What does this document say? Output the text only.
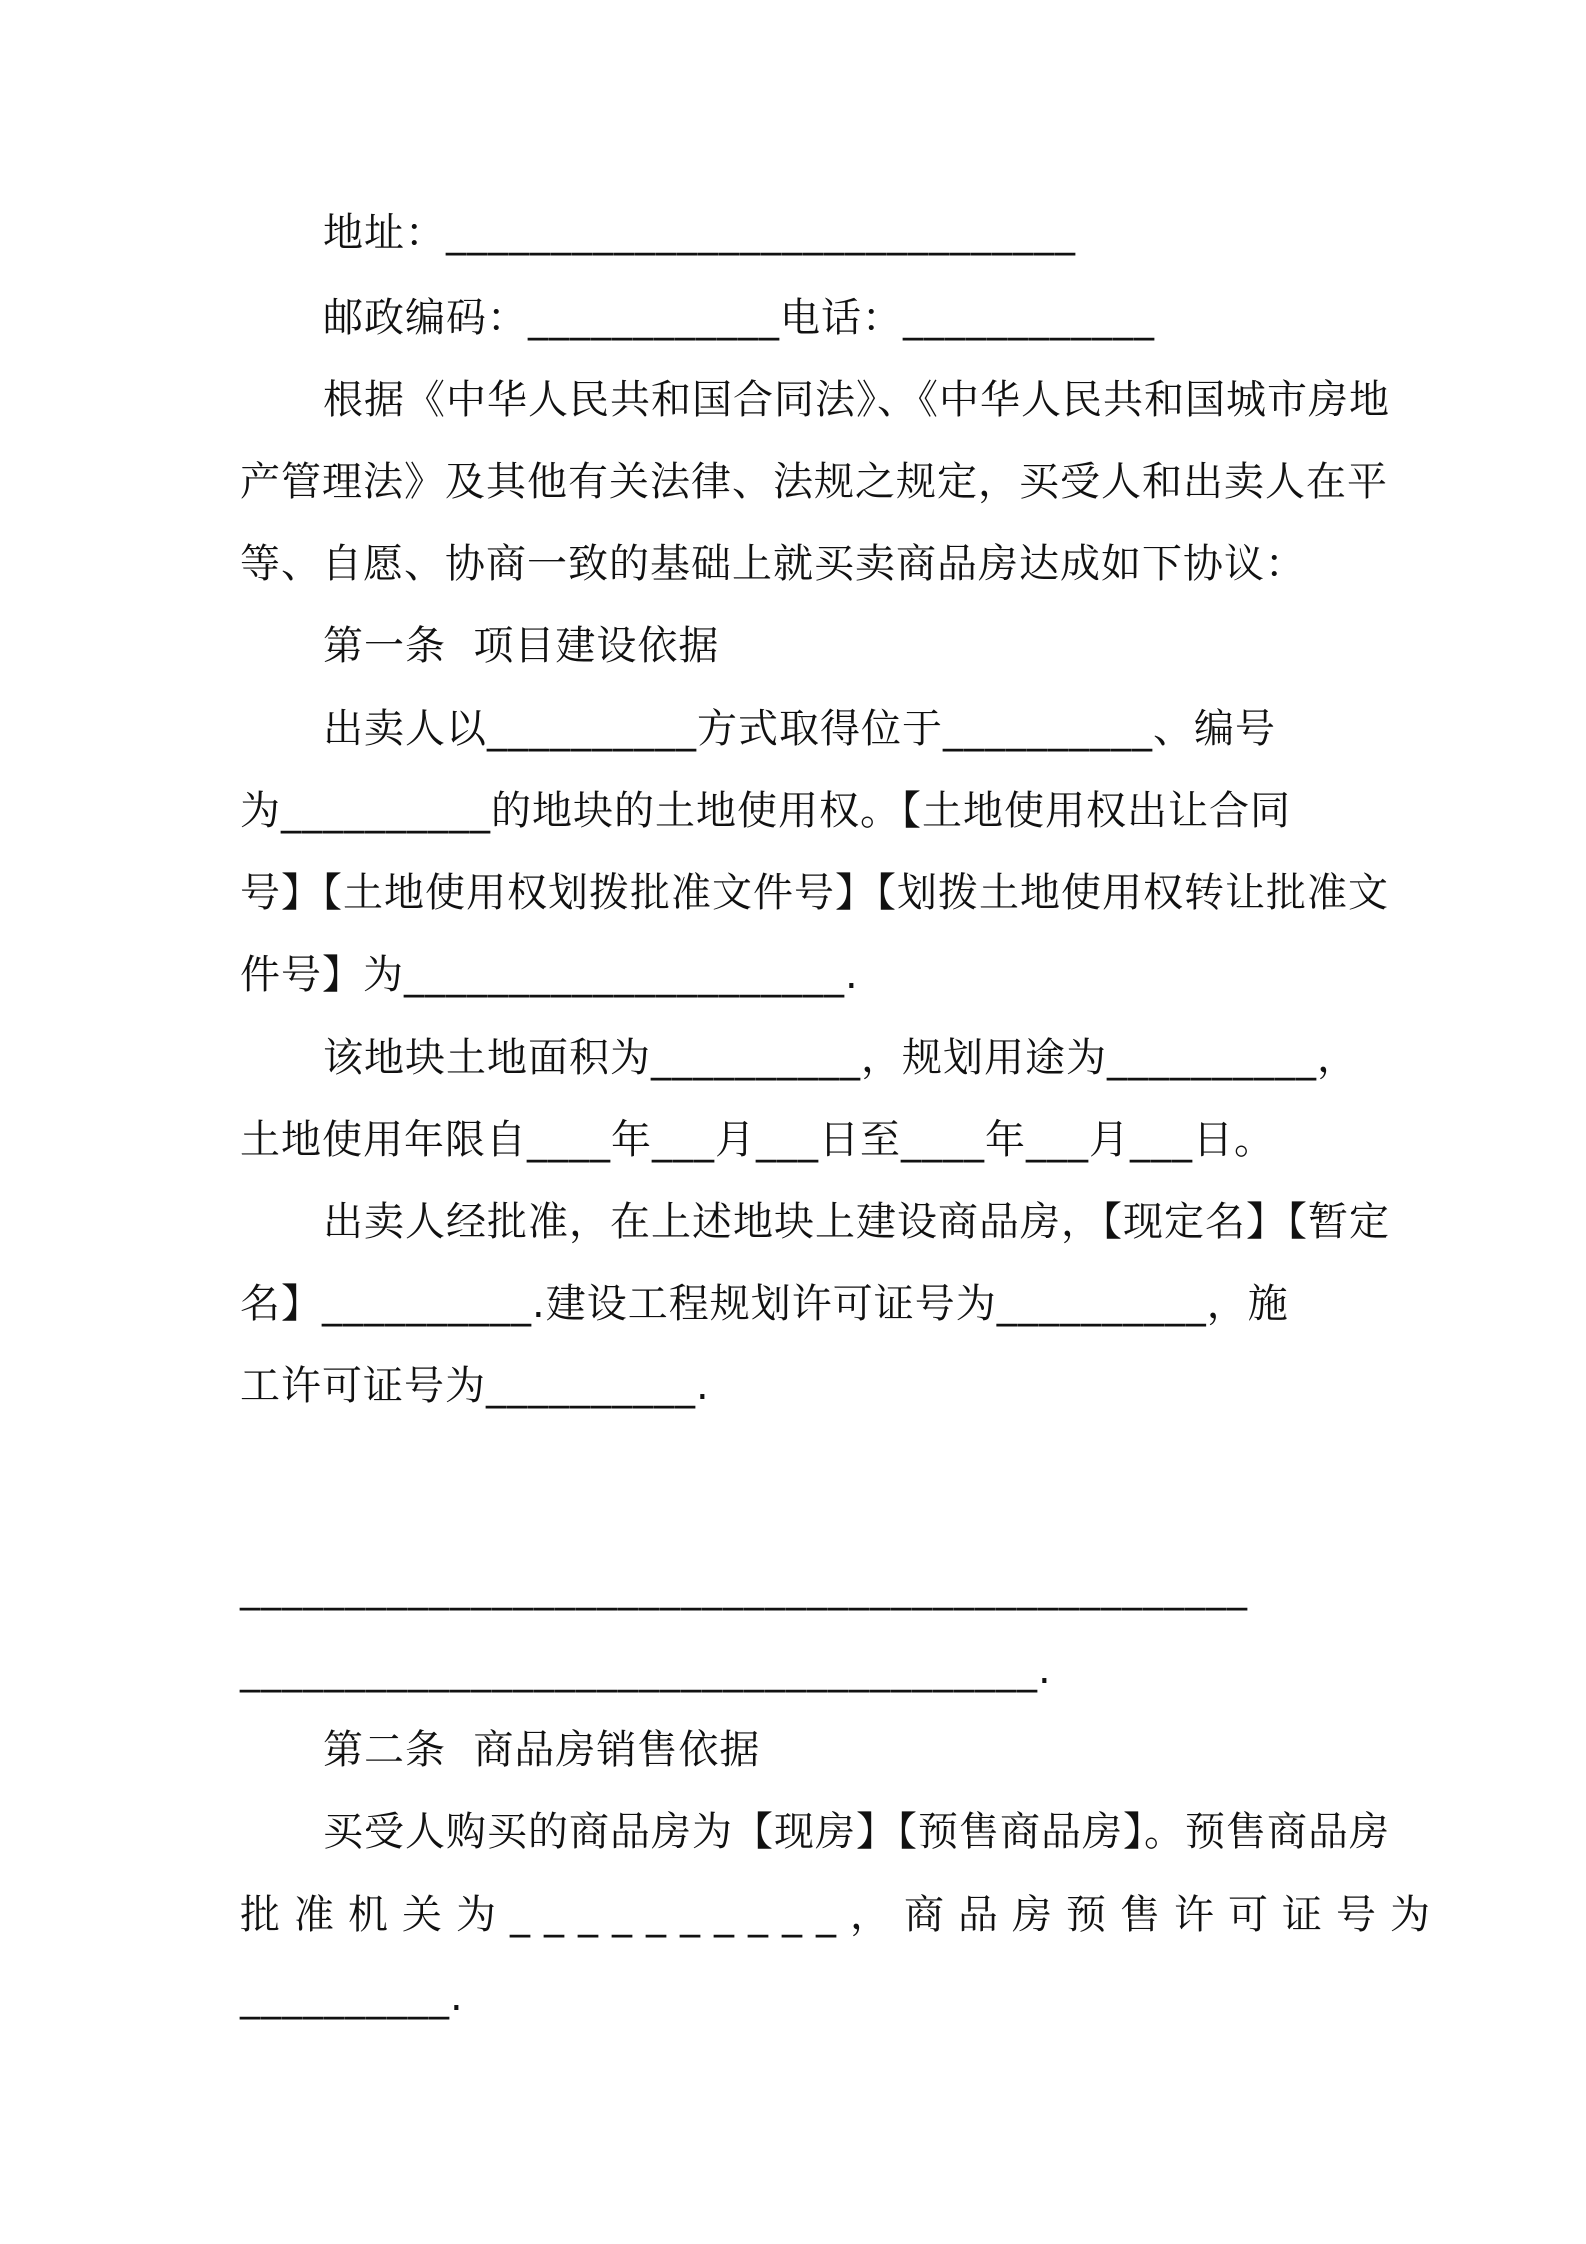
地址：______________________________
邮政编码：____________电话：____________
根据《中华人民共和国合同法》、《中华人民共和国城市房地
产管理法》及其他有关法律、法规之规定，买受人和出卖人在平
等、自愿、协商一致的基础上就买卖商品房达成如下协议：
第一条  项目建设依据
出卖人以__________方式取得位于__________、编号
为__________的地块的土地使用权。【土地使用权出让合同
号】【土地使用权划拨批准文件号】【划拨土地使用权转让批准文
件号】为_____________________.
该地块土地面积为__________，规划用途为__________，
土地使用年限自____年___月___日至____年___月___日。
出卖人经批准，在上述地块上建设商品房，【现定名】【暂定
名】__________.建设工程规划许可证号为__________，施
工许可证号为__________.
________________________________________________
______________________________________.
第二条  商品房销售依据
买受人购买的商品房为【现房】【预售商品房】。预售商品房
批准机关为__________，商品房预售许可证号为
__________.
